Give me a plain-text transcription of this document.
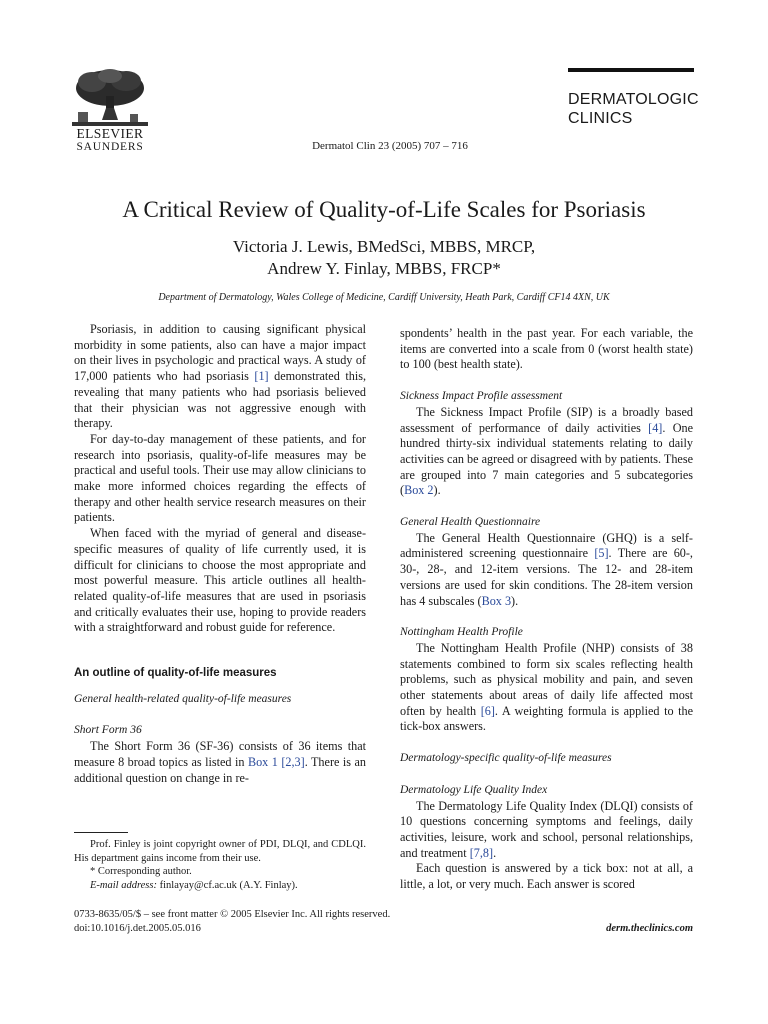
ELSEVIER
SAUNDERS	Dermatol Clin 23 (2005) 707 – 716
DERMATOLOGIC
CLINICS
A Critical Review of Quality-of-Life Scales for Psoriasis
Victoria J. Lewis, BMedSci, MBBS, MRCP,
Andrew Y. Finlay, MBBS, FRCP*
Department of Dermatology, Wales College of Medicine, Cardiff University, Heath Park, Cardiff CF14 4XN, UK

Psoriasis, in addition to causing significant physical morbidity in some patients, also can have a major impact on their lives in psychologic and practical ways. A study of 17,000 patients who had psoriasis [1] demonstrated this, revealing that many patients who had psoriasis believed that their physician was not aggressive enough with therapy.

For day-to-day management of these patients, and for research into psoriasis, quality-of-life measures may be practical and useful tools. Their use may allow clinicians to make more informed choices regarding the effects of therapy and other health service research measures on their patients.

When faced with the myriad of general and disease-specific measures of quality of life currently used, it is difficult for clinicians to choose the most appropriate and most powerful measure. This article outlines all health-related quality-of-life measures that are used in psoriasis and critically evaluates their use, hoping to provide readers with a straightforward and robust guide for reference.

An outline of quality-of-life measures

General health-related quality-of-life measures

Short Form 36

The Short Form 36 (SF-36) consists of 36 items that measure 8 broad topics as listed in Box 1 [2,3]. There is an additional question on change in re-

spondents’ health in the past year. For each variable, the items are converted into a scale from 0 (worst health state) to 100 (best health state).

Sickness Impact Profile assessment

The Sickness Impact Profile (SIP) is a broadly based assessment of performance of daily activities [4]. One hundred thirty-six individual statements relating to daily activities can be agreed or disagreed with by patients. These are grouped into 7 main categories and 5 subcategories (Box 2).

General Health Questionnaire

The General Health Questionnaire (GHQ) is a self-administered screening questionnaire [5]. There are 60-, 30-, 28-, and 12-item versions. The 12- and 28-item versions are used for skin conditions. The 28-item version has 4 subscales (Box 3).

Nottingham Health Profile

The Nottingham Health Profile (NHP) consists of 38 statements combined to form six scales reflecting health problems, such as physical mobility and pain, and seven other statements about areas of daily life affected most often by health [6]. A weighting formula is applied to the tick-box answers.

Dermatology-specific quality-of-life measures

Dermatology Life Quality Index

The Dermatology Life Quality Index (DLQI) consists of 10 questions concerning symptoms and feelings, daily activities, leisure, work and school, personal relationships, and treatment [7,8].

Each question is answered by a tick box: not at all, a little, a lot, or very much. Each answer is scored

Prof. Finley is joint copyright owner of PDI, DLQI, and CDLQI. His department gains income from their use.

* Corresponding author.

E-mail address: finlayay@cf.ac.uk (A.Y. Finlay).

0733-8635/05/$ – see front matter © 2005 Elsevier Inc. All rights reserved.
doi:10.1016/j.det.2005.05.016	derm.theclinics.com
